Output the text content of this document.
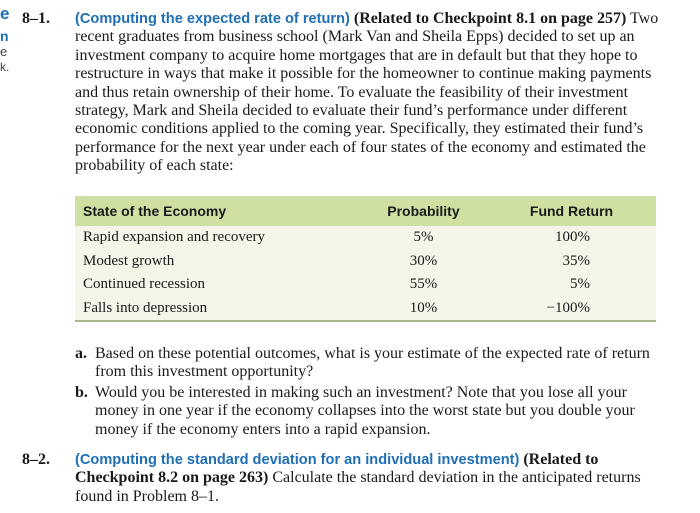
e
n
e
k.
8–1. (Computing the expected rate of return) (Related to Checkpoint 8.1 on page 257) Two recent graduates from business school (Mark Van and Sheila Epps) decided to set up an investment company to acquire home mortgages that are in default but that they hope to restructure in ways that make it possible for the homeowner to continue making payments and thus retain ownership of their home. To evaluate the feasibility of their investment strategy, Mark and Sheila decided to evaluate their fund’s performance under different economic conditions applied to the coming year. Specifically, they estimated their fund’s performance for the next year under each of four states of the economy and estimated the probability of each state:
State of the Economy	Probability	Fund Return
Rapid expansion and recovery	5%	100%
Modest growth	30%	35%
Continued recession	55%	5%
Falls into depression	10%	−100%
a. Based on these potential outcomes, what is your estimate of the expected rate of return from this investment opportunity?
b. Would you be interested in making such an investment? Note that you lose all your money in one year if the economy collapses into the worst state but you double your money if the economy enters into a rapid expansion.
8–2. (Computing the standard deviation for an individual investment) (Related to Checkpoint 8.2 on page 263) Calculate the standard deviation in the anticipated returns found in Problem 8–1.
